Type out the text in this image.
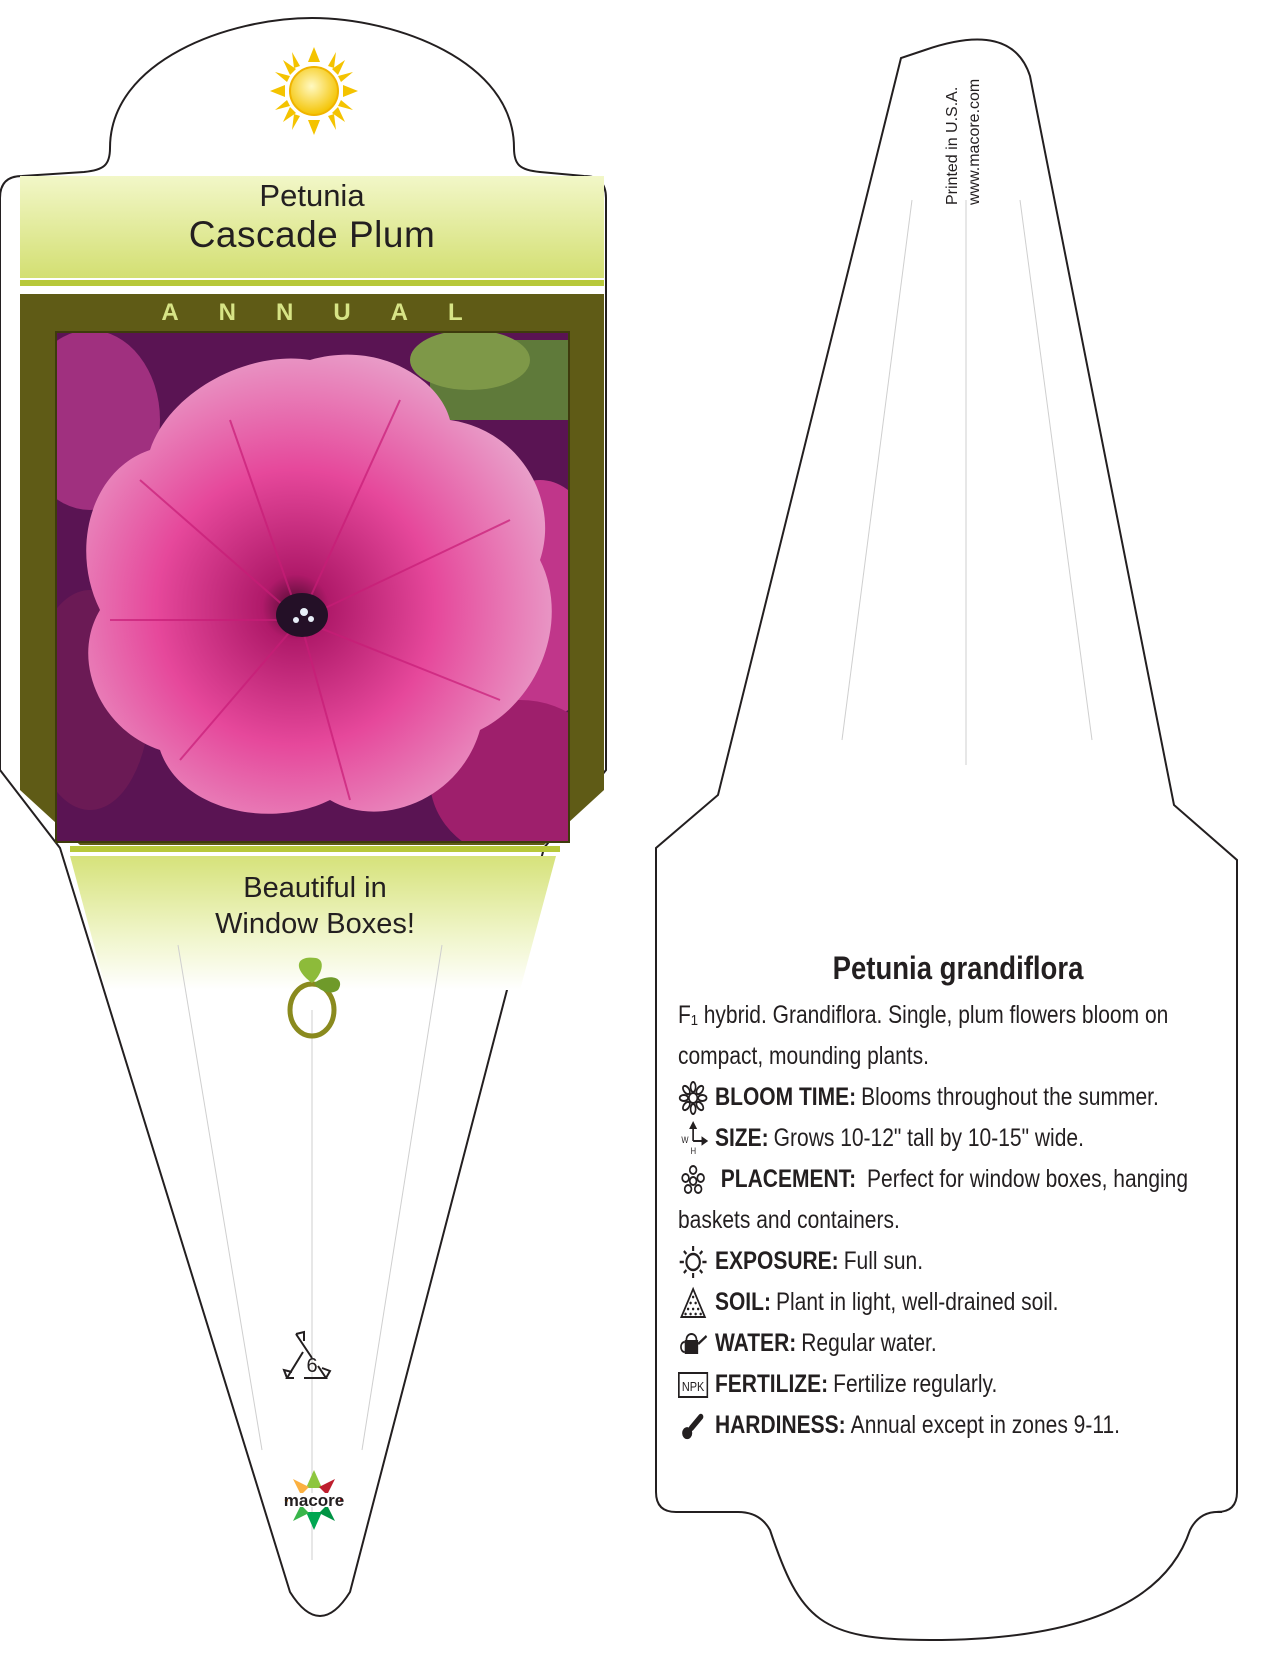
6
macore
Petunia
Cascade Plum
ANNUAL
Beautiful in
Window Boxes!
Printed in U.S.A. www.macore.com
Petunia grandiflora
F₁ hybrid. Grandiflora. Single, plum flowers bloom on compact, mounding plants.
BLOOM TIME: Blooms throughout the summer.
W
H SIZE: Grows 10-12" tall by 10-15" wide.
PLACEMENT: Perfect for window boxes, hanging baskets and containers.
EXPOSURE: Full sun.
SOIL: Plant in light, well-drained soil.
WATER: Regular water.
NPK FERTILIZE: Fertilize regularly.
HARDINESS: Annual except in zones 9-11.
